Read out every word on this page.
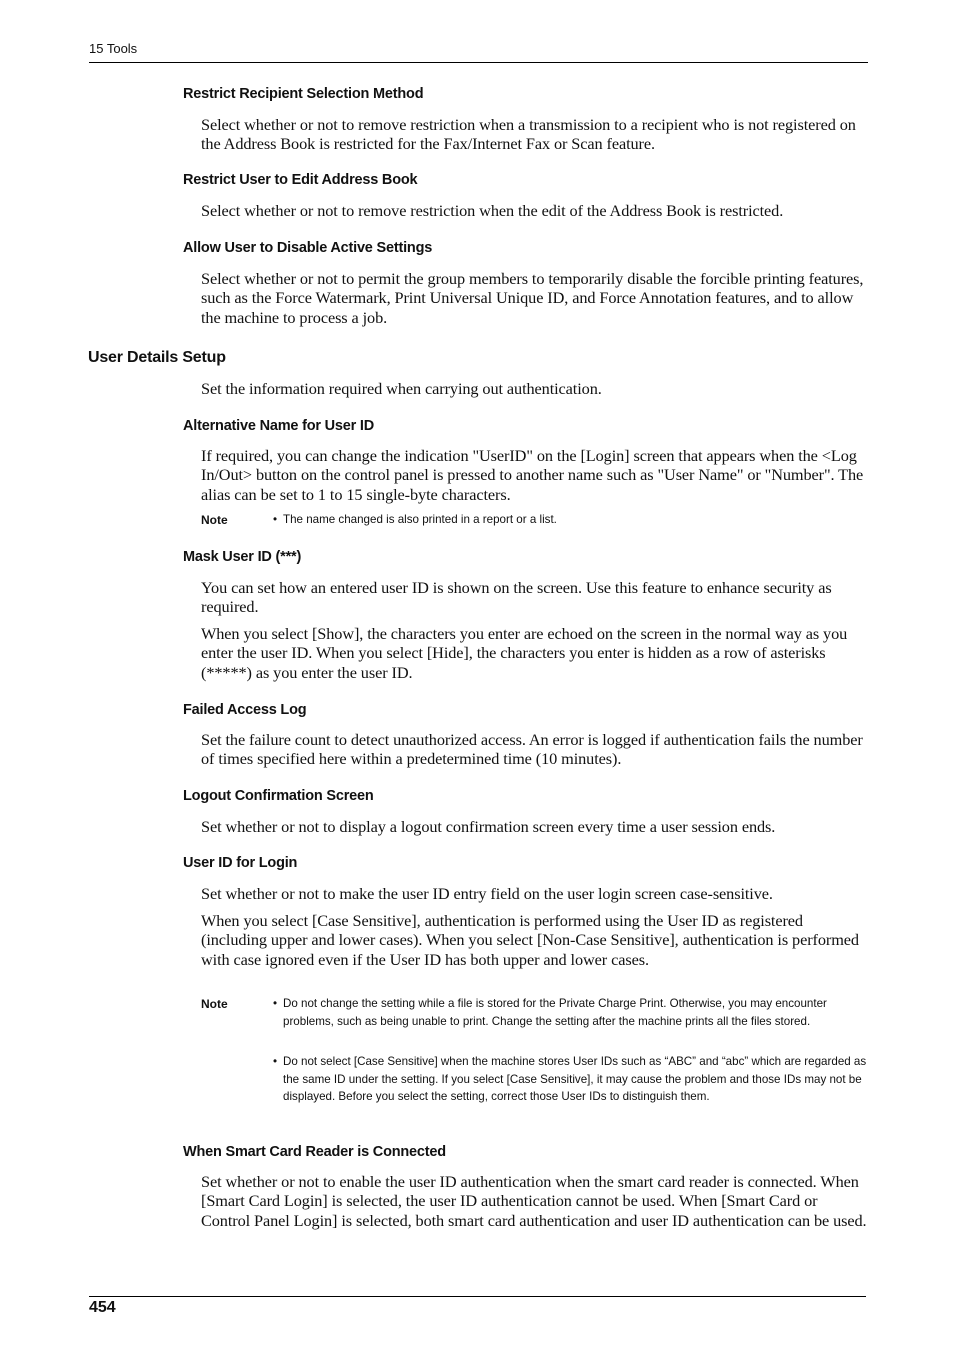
15 Tools
Restrict Recipient Selection Method
Select whether or not to remove restriction when a transmission to a recipient who is not registered on the Address Book is restricted for the Fax/Internet Fax or Scan feature.
Restrict User to Edit Address Book
Select whether or not to remove restriction when the edit of the Address Book is restricted.
Allow User to Disable Active Settings
Select whether or not to permit the group members to temporarily disable the forcible printing features, such as the Force Watermark, Print Universal Unique ID, and Force Annotation features, and to allow the machine to process a job.
User Details Setup
Set the information required when carrying out authentication.
Alternative Name for User ID
If required, you can change the indication "UserID" on the [Login] screen that appears when the <Log In/Out> button on the control panel is pressed to another name such as "User Name" or "Number". The alias can be set to 1 to 15 single-byte characters.
Note	• The name changed is also printed in a report or a list.
Mask User ID (***)
You can set how an entered user ID is shown on the screen. Use this feature to enhance security as required.
When you select [Show], the characters you enter are echoed on the screen in the normal way as you enter the user ID. When you select [Hide], the characters you enter is hidden as a row of asterisks (*****) as you enter the user ID.
Failed Access Log
Set the failure count to detect unauthorized access. An error is logged if authentication fails the number of times specified here within a predetermined time (10 minutes).
Logout Confirmation Screen
Set whether or not to display a logout confirmation screen every time a user session ends.
User ID for Login
Set whether or not to make the user ID entry field on the user login screen case-sensitive.
When you select [Case Sensitive], authentication is performed using the User ID as registered (including upper and lower cases). When you select [Non-Case Sensitive], authentication is performed with case ignored even if the User ID has both upper and lower cases.
Note	• Do not change the setting while a file is stored for the Private Charge Print. Otherwise, you may encounter problems, such as being unable to print. Change the setting after the machine prints all the files stored.
• Do not select [Case Sensitive] when the machine stores User IDs such as “ABC” and “abc” which are regarded as the same ID under the setting. If you select [Case Sensitive], it may cause the problem and those IDs may not be displayed. Before you select the setting, correct those User IDs to distinguish them.
When Smart Card Reader is Connected
Set whether or not to enable the user ID authentication when the smart card reader is connected. When [Smart Card Login] is selected, the user ID authentication cannot be used. When [Smart Card or Control Panel Login] is selected, both smart card authentication and user ID authentication can be used.
454
